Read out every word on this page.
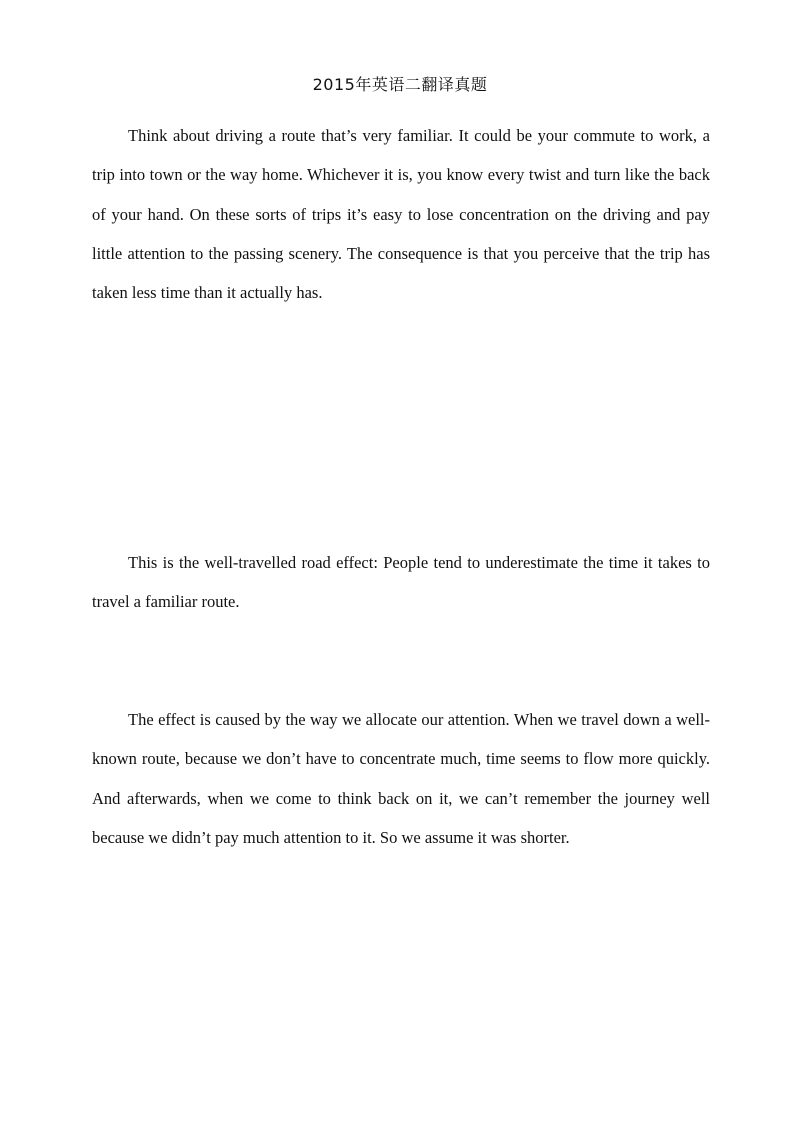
2015年英语二翻译真题

Think about driving a route that’s very familiar. It could be your commute to work, a trip into town or the way home. Whichever it is, you know every twist and turn like the back of your hand. On these sorts of trips it’s easy to lose concentration on the driving and pay little attention to the passing scenery. The consequence is that you perceive that the trip has taken less time than it actually has.

This is the well-travelled road effect: People tend to underestimate the time it takes to travel a familiar route.

The effect is caused by the way we allocate our attention. When we travel down a well-known route, because we don’t have to concentrate much, time seems to flow more quickly. And afterwards, when we come to think back on it, we can’t remember the journey well because we didn’t pay much attention to it. So we assume it was shorter.
